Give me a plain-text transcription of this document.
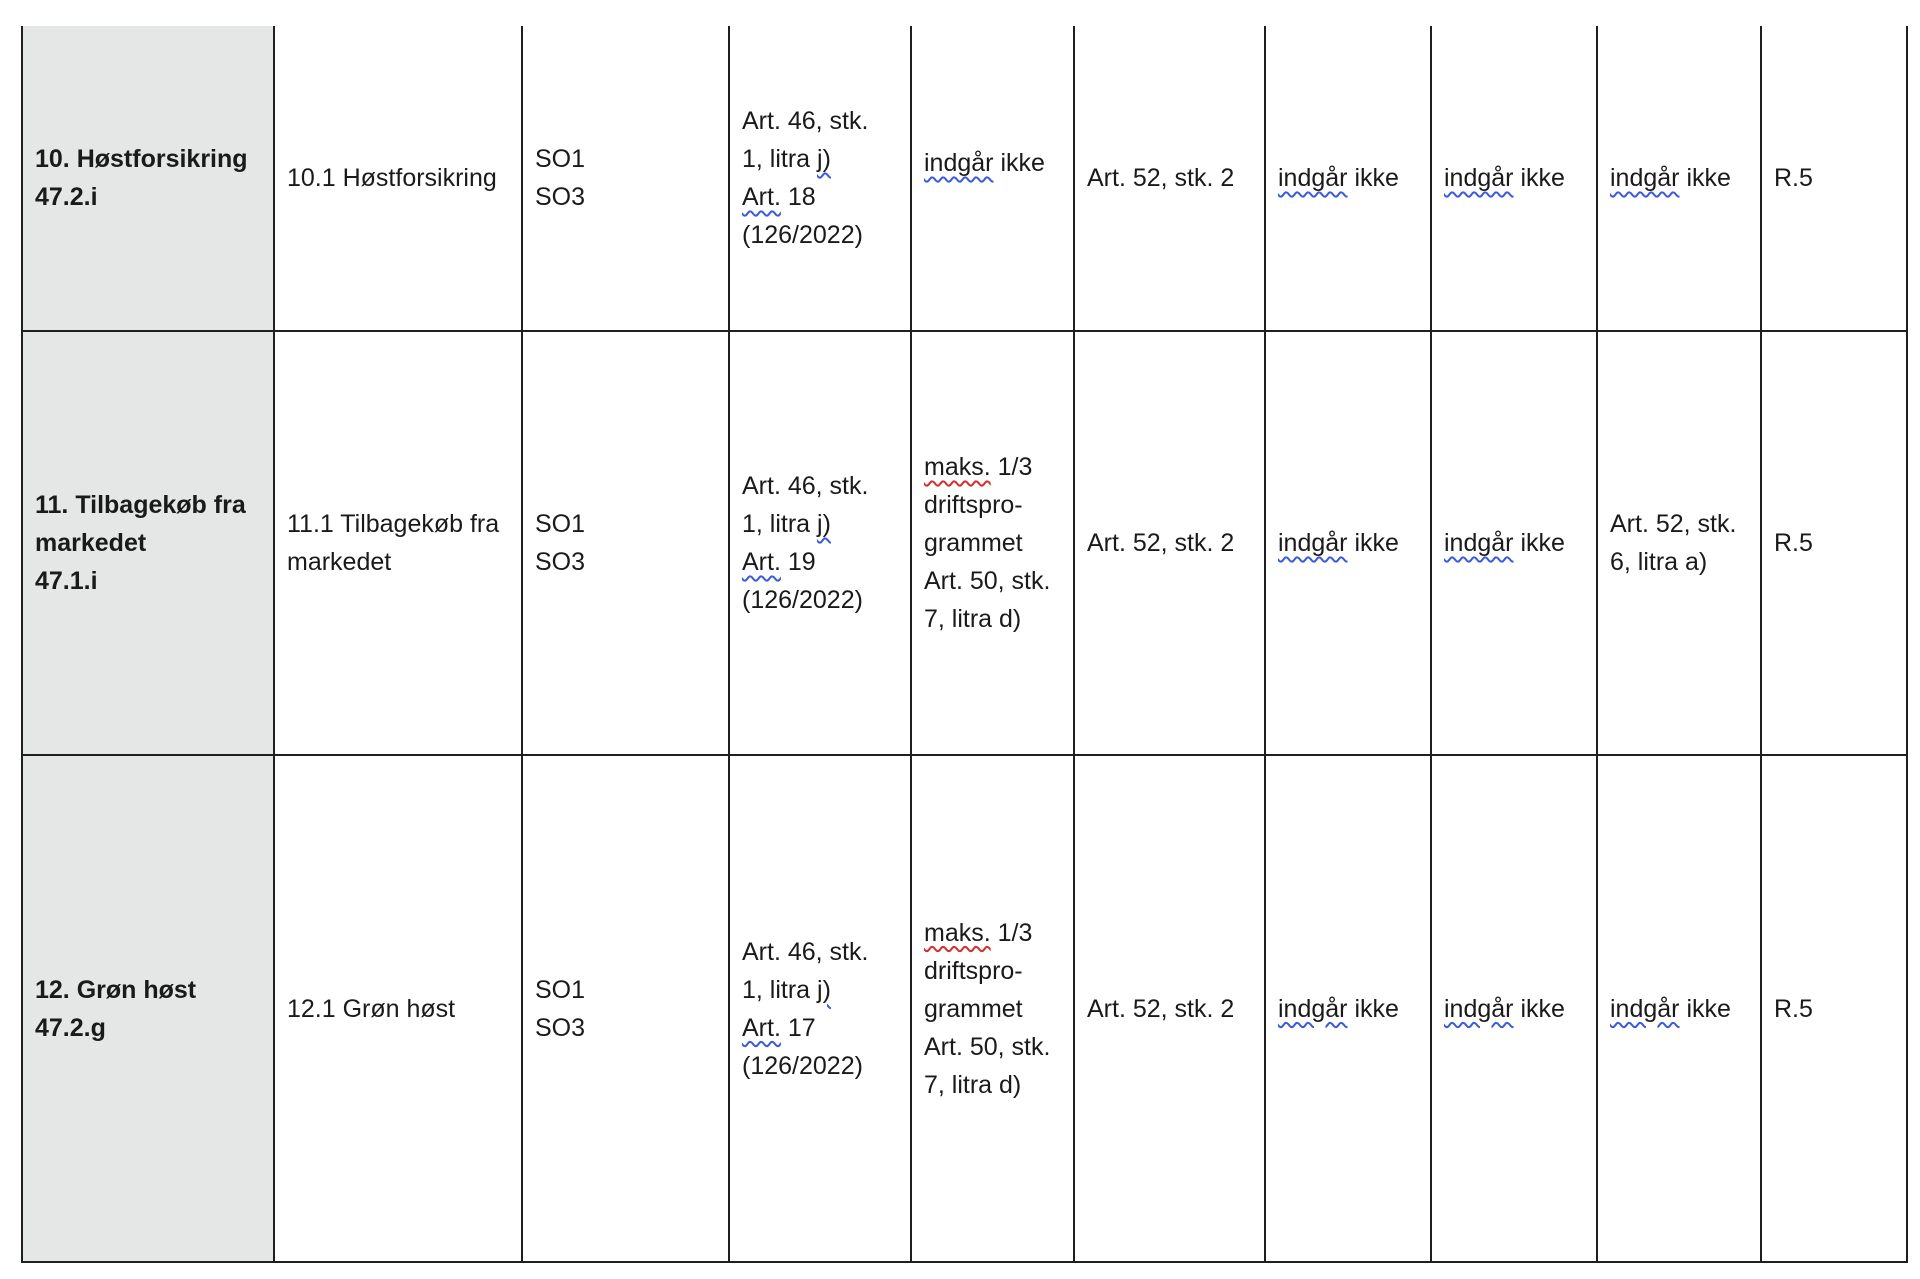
10. Høstforsikring
47.2.i	10.1 Høstforsikring	SO1
SO3	Art. 46, stk.
1, litra j)
Art. 18
(126/2022)	indgår ikke	Art. 52, stk. 2	indgår ikke	indgår ikke	indgår ikke	R.5

11. Tilbagekøb fra
markedet
47.1.i	11.1 Tilbagekøb fra
markedet	SO1
SO3	Art. 46, stk.
1, litra j)
Art. 19
(126/2022)	maks. 1/3
driftspro-
grammet
Art. 50, stk.
7, litra d)	Art. 52, stk. 2	indgår ikke	indgår ikke	Art. 52, stk.
6, litra a)	R.5

12. Grøn høst
47.2.g	12.1 Grøn høst	SO1
SO3	Art. 46, stk.
1, litra j)
Art. 17
(126/2022)	maks. 1/3
driftspro-
grammet
Art. 50, stk.
7, litra d)	Art. 52, stk. 2	indgår ikke	indgår ikke	indgår ikke	R.5
